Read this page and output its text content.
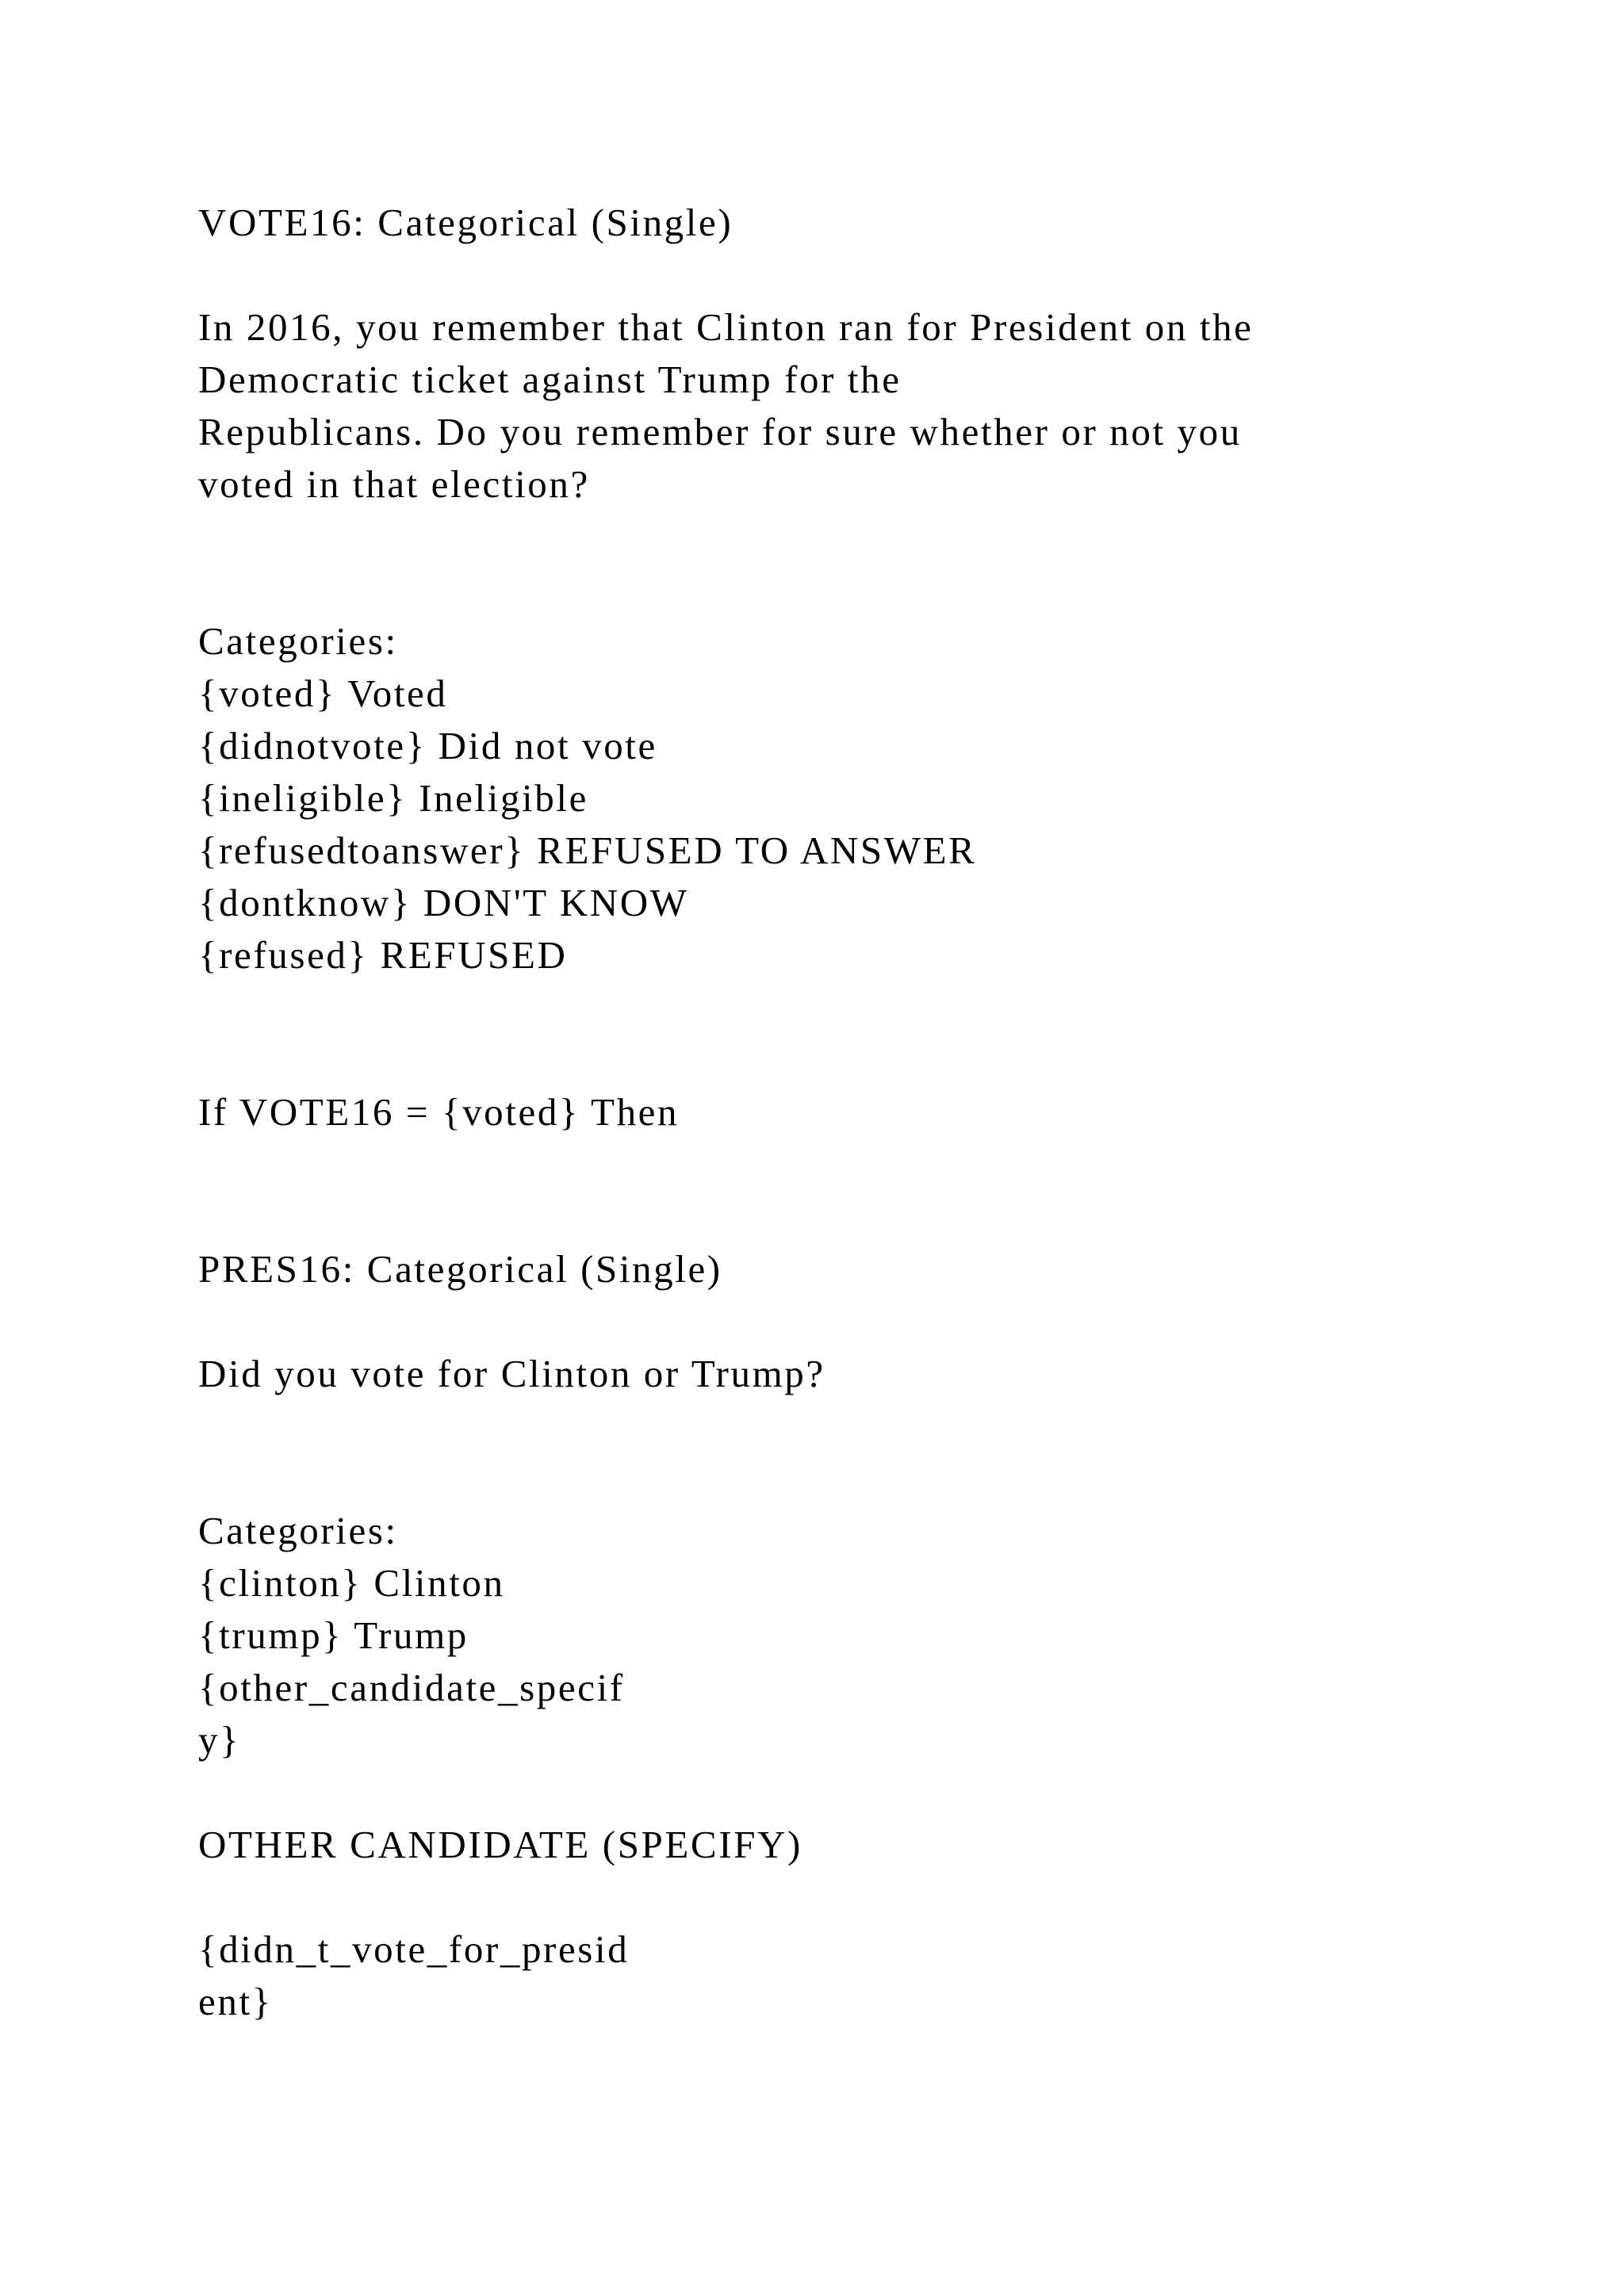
VOTE16: Categorical (Single)

In 2016, you remember that Clinton ran for President on the

Democratic ticket against Trump for the

Republicans. Do you remember for sure whether or not you

voted in that election?

Categories:

{voted} Voted

{didnotvote} Did not vote

{ineligible} Ineligible

{refusedtoanswer} REFUSED TO ANSWER

{dontknow} DON'T KNOW

{refused} REFUSED

If VOTE16 = {voted} Then

PRES16: Categorical (Single)

Did you vote for Clinton or Trump?

Categories:

{clinton} Clinton

{trump} Trump

{other_candidate_specif

y}

OTHER CANDIDATE (SPECIFY)

{didn_t_vote_for_presid

ent}
